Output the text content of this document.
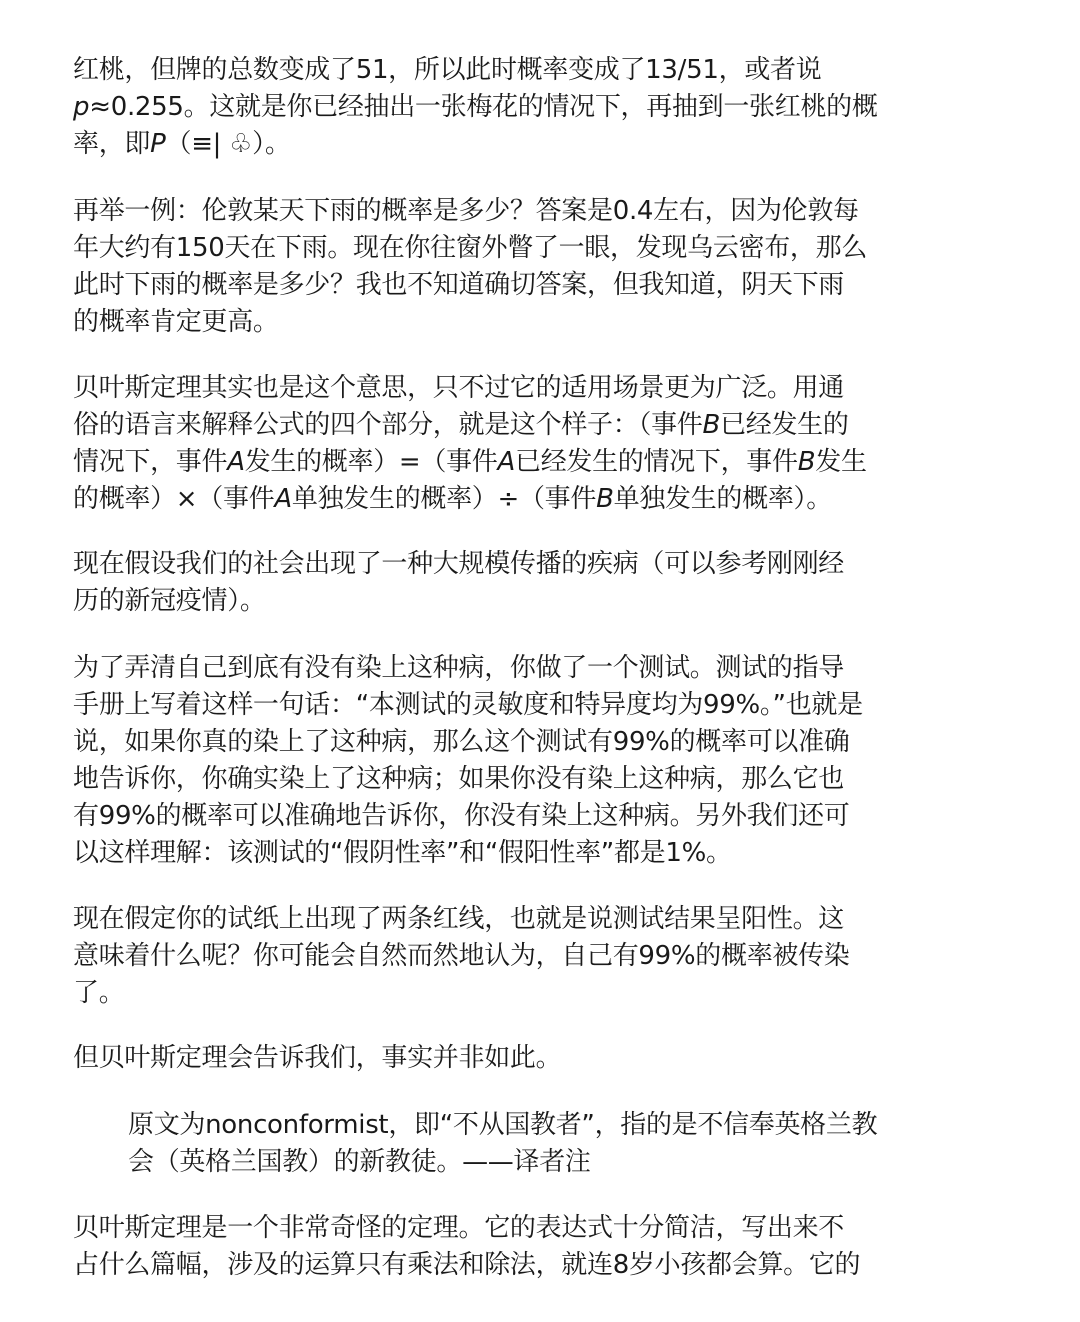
红桃，但牌的总数变成了51，所以此时概率变成了13/51，或者说
p≈0.255。这就是你已经抽出一张梅花的情况下，再抽到一张红桃的概
率，即P（≡| ♧）。

再举一例：伦敦某天下雨的概率是多少？答案是0.4左右，因为伦敦每
年大约有150天在下雨。现在你往窗外瞥了一眼，发现乌云密布，那么
此时下雨的概率是多少？我也不知道确切答案，但我知道，阴天下雨
的概率肯定更高。

贝叶斯定理其实也是这个意思，只不过它的适用场景更为广泛。用通
俗的语言来解释公式的四个部分，就是这个样子：（事件B已经发生的
情况下，事件A发生的概率）=（事件A已经发生的情况下，事件B发生
的概率）×（事件A单独发生的概率）÷（事件B单独发生的概率）。

现在假设我们的社会出现了一种大规模传播的疾病（可以参考刚刚经
历的新冠疫情）。

为了弄清自己到底有没有染上这种病，你做了一个测试。测试的指导
手册上写着这样一句话：“本测试的灵敏度和特异度均为99%。”也就是
说，如果你真的染上了这种病，那么这个测试有99%的概率可以准确
地告诉你，你确实染上了这种病；如果你没有染上这种病，那么它也
有99%的概率可以准确地告诉你，你没有染上这种病。另外我们还可
以这样理解：该测试的“假阴性率”和“假阳性率”都是1%。

现在假定你的试纸上出现了两条红线，也就是说测试结果呈阳性。这
意味着什么呢？你可能会自然而然地认为，自己有99%的概率被传染
了。

但贝叶斯定理会告诉我们，事实并非如此。

原文为nonconformist，即“不从国教者”，指的是不信奉英格兰教
会（英格兰国教）的新教徒。——译者注

贝叶斯定理是一个非常奇怪的定理。它的表达式十分简洁，写出来不
占什么篇幅，涉及的运算只有乘法和除法，就连8岁小孩都会算。它的
